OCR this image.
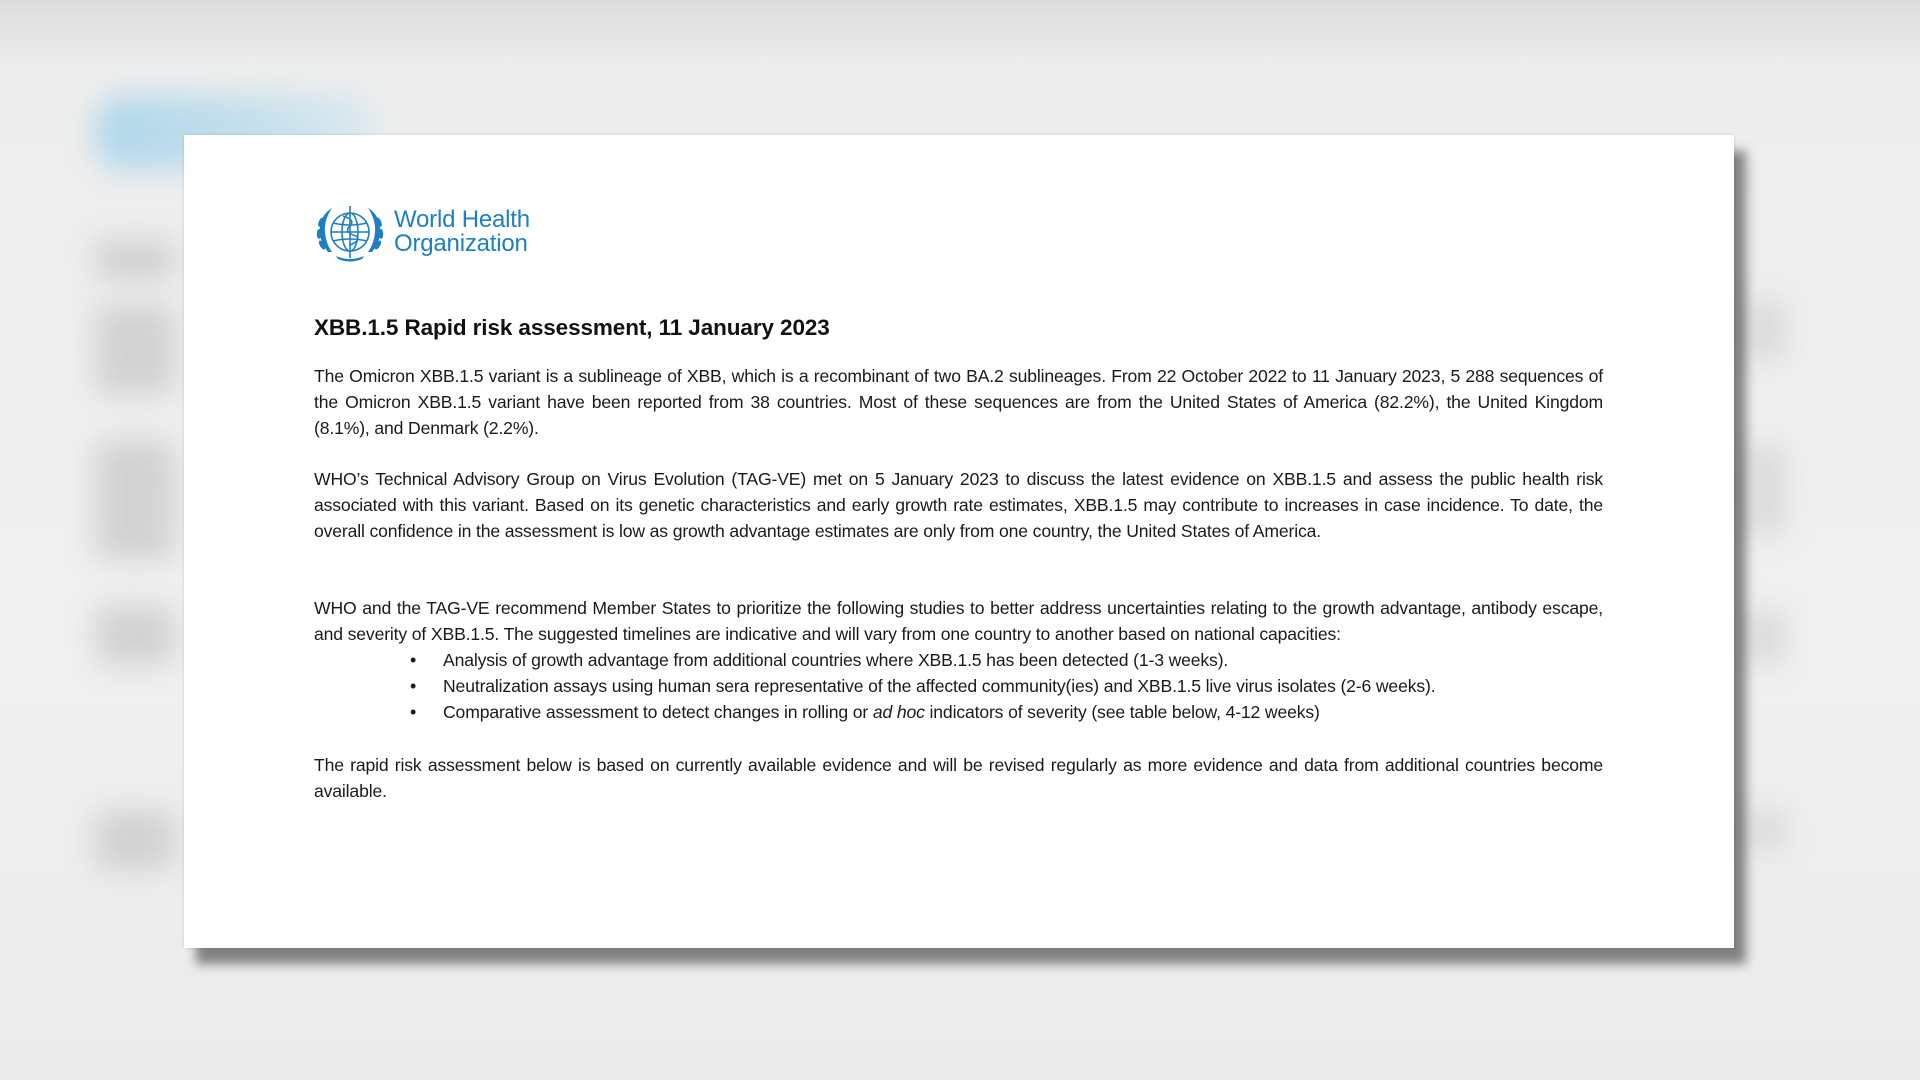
World Health
Organization
XBB.1.5 Rapid risk assessment, 11 January 2023

The Omicron XBB.1.5 variant is a sublineage of XBB, which is a recombinant of two BA.2 sublineages. From 22 October 2022 to 11 January 2023, 5 288 sequences of the Omicron XBB.1.5 variant have been reported from 38 countries. Most of these sequences are from the United States of America (82.2%), the United Kingdom (8.1%), and Denmark (2.2%).

WHO’s Technical Advisory Group on Virus Evolution (TAG-VE) met on 5 January 2023 to discuss the latest evidence on XBB.1.5 and assess the public health risk associated with this variant. Based on its genetic characteristics and early growth rate estimates, XBB.1.5 may contribute to increases in case incidence. To date, the overall confidence in the assessment is low as growth advantage estimates are only from one country, the United States of America.

WHO and the TAG-VE recommend Member States to prioritize the following studies to better address uncertainties relating to the growth advantage, antibody escape, and severity of XBB.1.5. The suggested timelines are indicative and will vary from one country to another based on national capacities:

• Analysis of growth advantage from additional countries where XBB.1.5 has been detected (1-3 weeks).
• Neutralization assays using human sera representative of the affected community(ies) and XBB.1.5 live virus isolates (2-6 weeks).
• Comparative assessment to detect changes in rolling or ad hoc indicators of severity (see table below, 4-12 weeks)

The rapid risk assessment below is based on currently available evidence and will be revised regularly as more evidence and data from additional countries become available.
